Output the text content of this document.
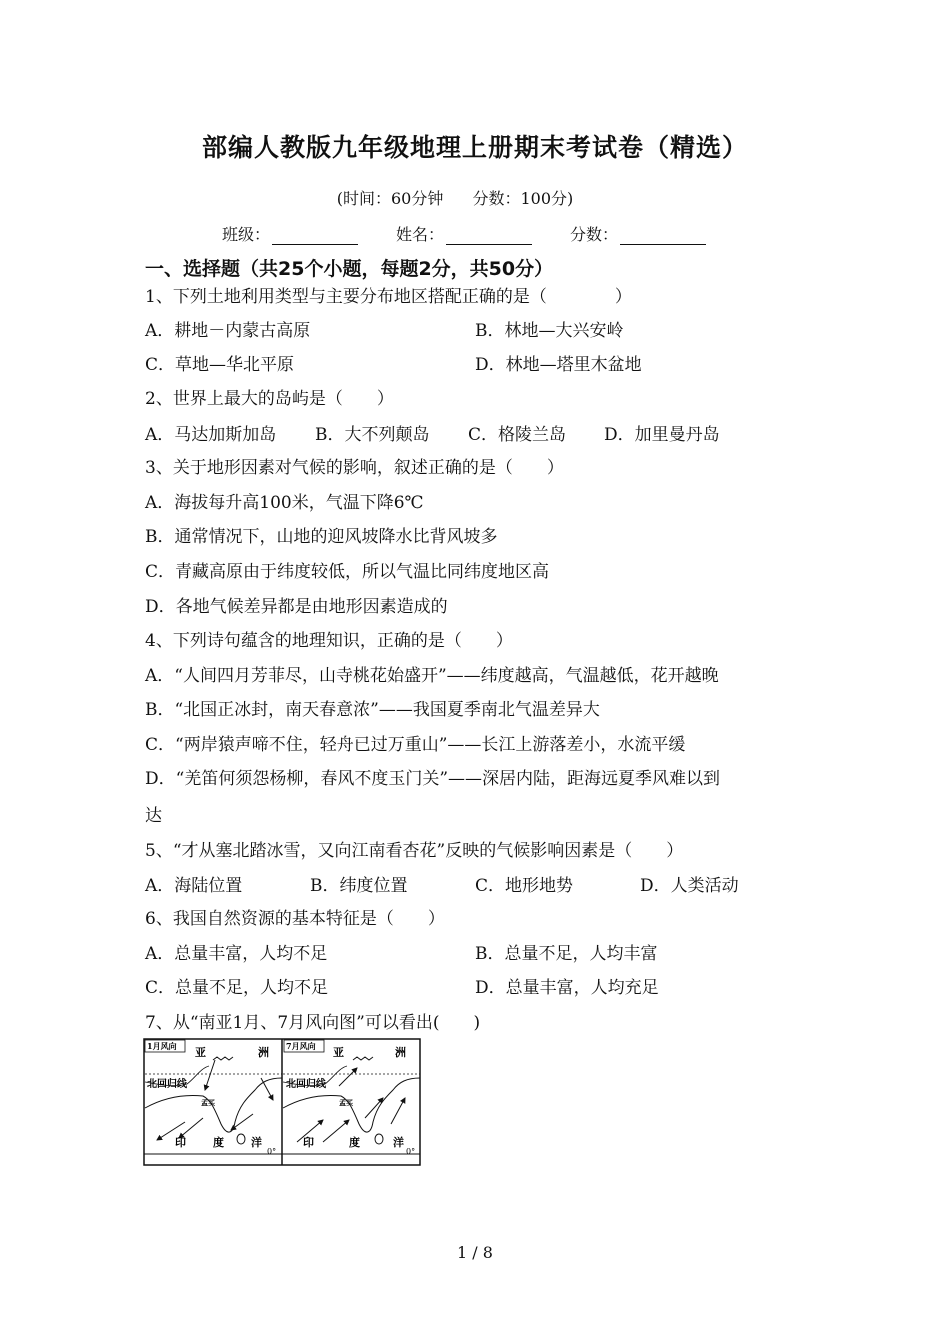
部编人教版九年级地理上册期末考试卷（精选）
(时间：60分钟 分数：100分)
班级：	姓名：	分数：
一、选择题（共25个小题，每题2分，共50分）
1、下列土地利用类型与主要分布地区搭配正确的是（　　　　）
A．耕地－内蒙古高原	B．林地—大兴安岭
C．草地—华北平原	D．林地—塔里木盆地
2、世界上最大的岛屿是（　　）
A．马达加斯加岛 B．大不列颠岛 C．格陵兰岛 D．加里曼丹岛
3、关于地形因素对气候的影响，叙述正确的是（　　）
A．海拔每升高100米，气温下降6℃
B．通常情况下，山地的迎风坡降水比背风坡多
C．青藏高原由于纬度较低，所以气温比同纬度地区高
D．各地气候差异都是由地形因素造成的
4、下列诗句蕴含的地理知识，正确的是（　　）
A．“人间四月芳菲尽，山寺桃花始盛开”——纬度越高，气温越低，花开越晚
B．“北国正冰封，南天春意浓”——我国夏季南北气温差异大
C．“两岸猿声啼不住，轻舟已过万重山”——长江上游落差小，水流平缓
D．“羌笛何须怨杨柳，春风不度玉门关”——深居内陆，距海远夏季风难以到
达
5、“才从塞北踏冰雪，又向江南看杏花”反映的气候影响因素是（　　）
A．海陆位置	B．纬度位置	C．地形地势	D．人类活动
6、我国自然资源的基本特征是（　　）
A．总量丰富，人均不足	B．总量不足，人均丰富
C．总量不足，人均不足	D．总量丰富，人均充足
7、从“南亚1月、7月风向图”可以看出(　　)
1月风向 亚	洲
北回归线
孟买
印 度 洋
0°
7月风向 亚	洲
北回归线
孟买
印	度	洋
0°
1 / 8
